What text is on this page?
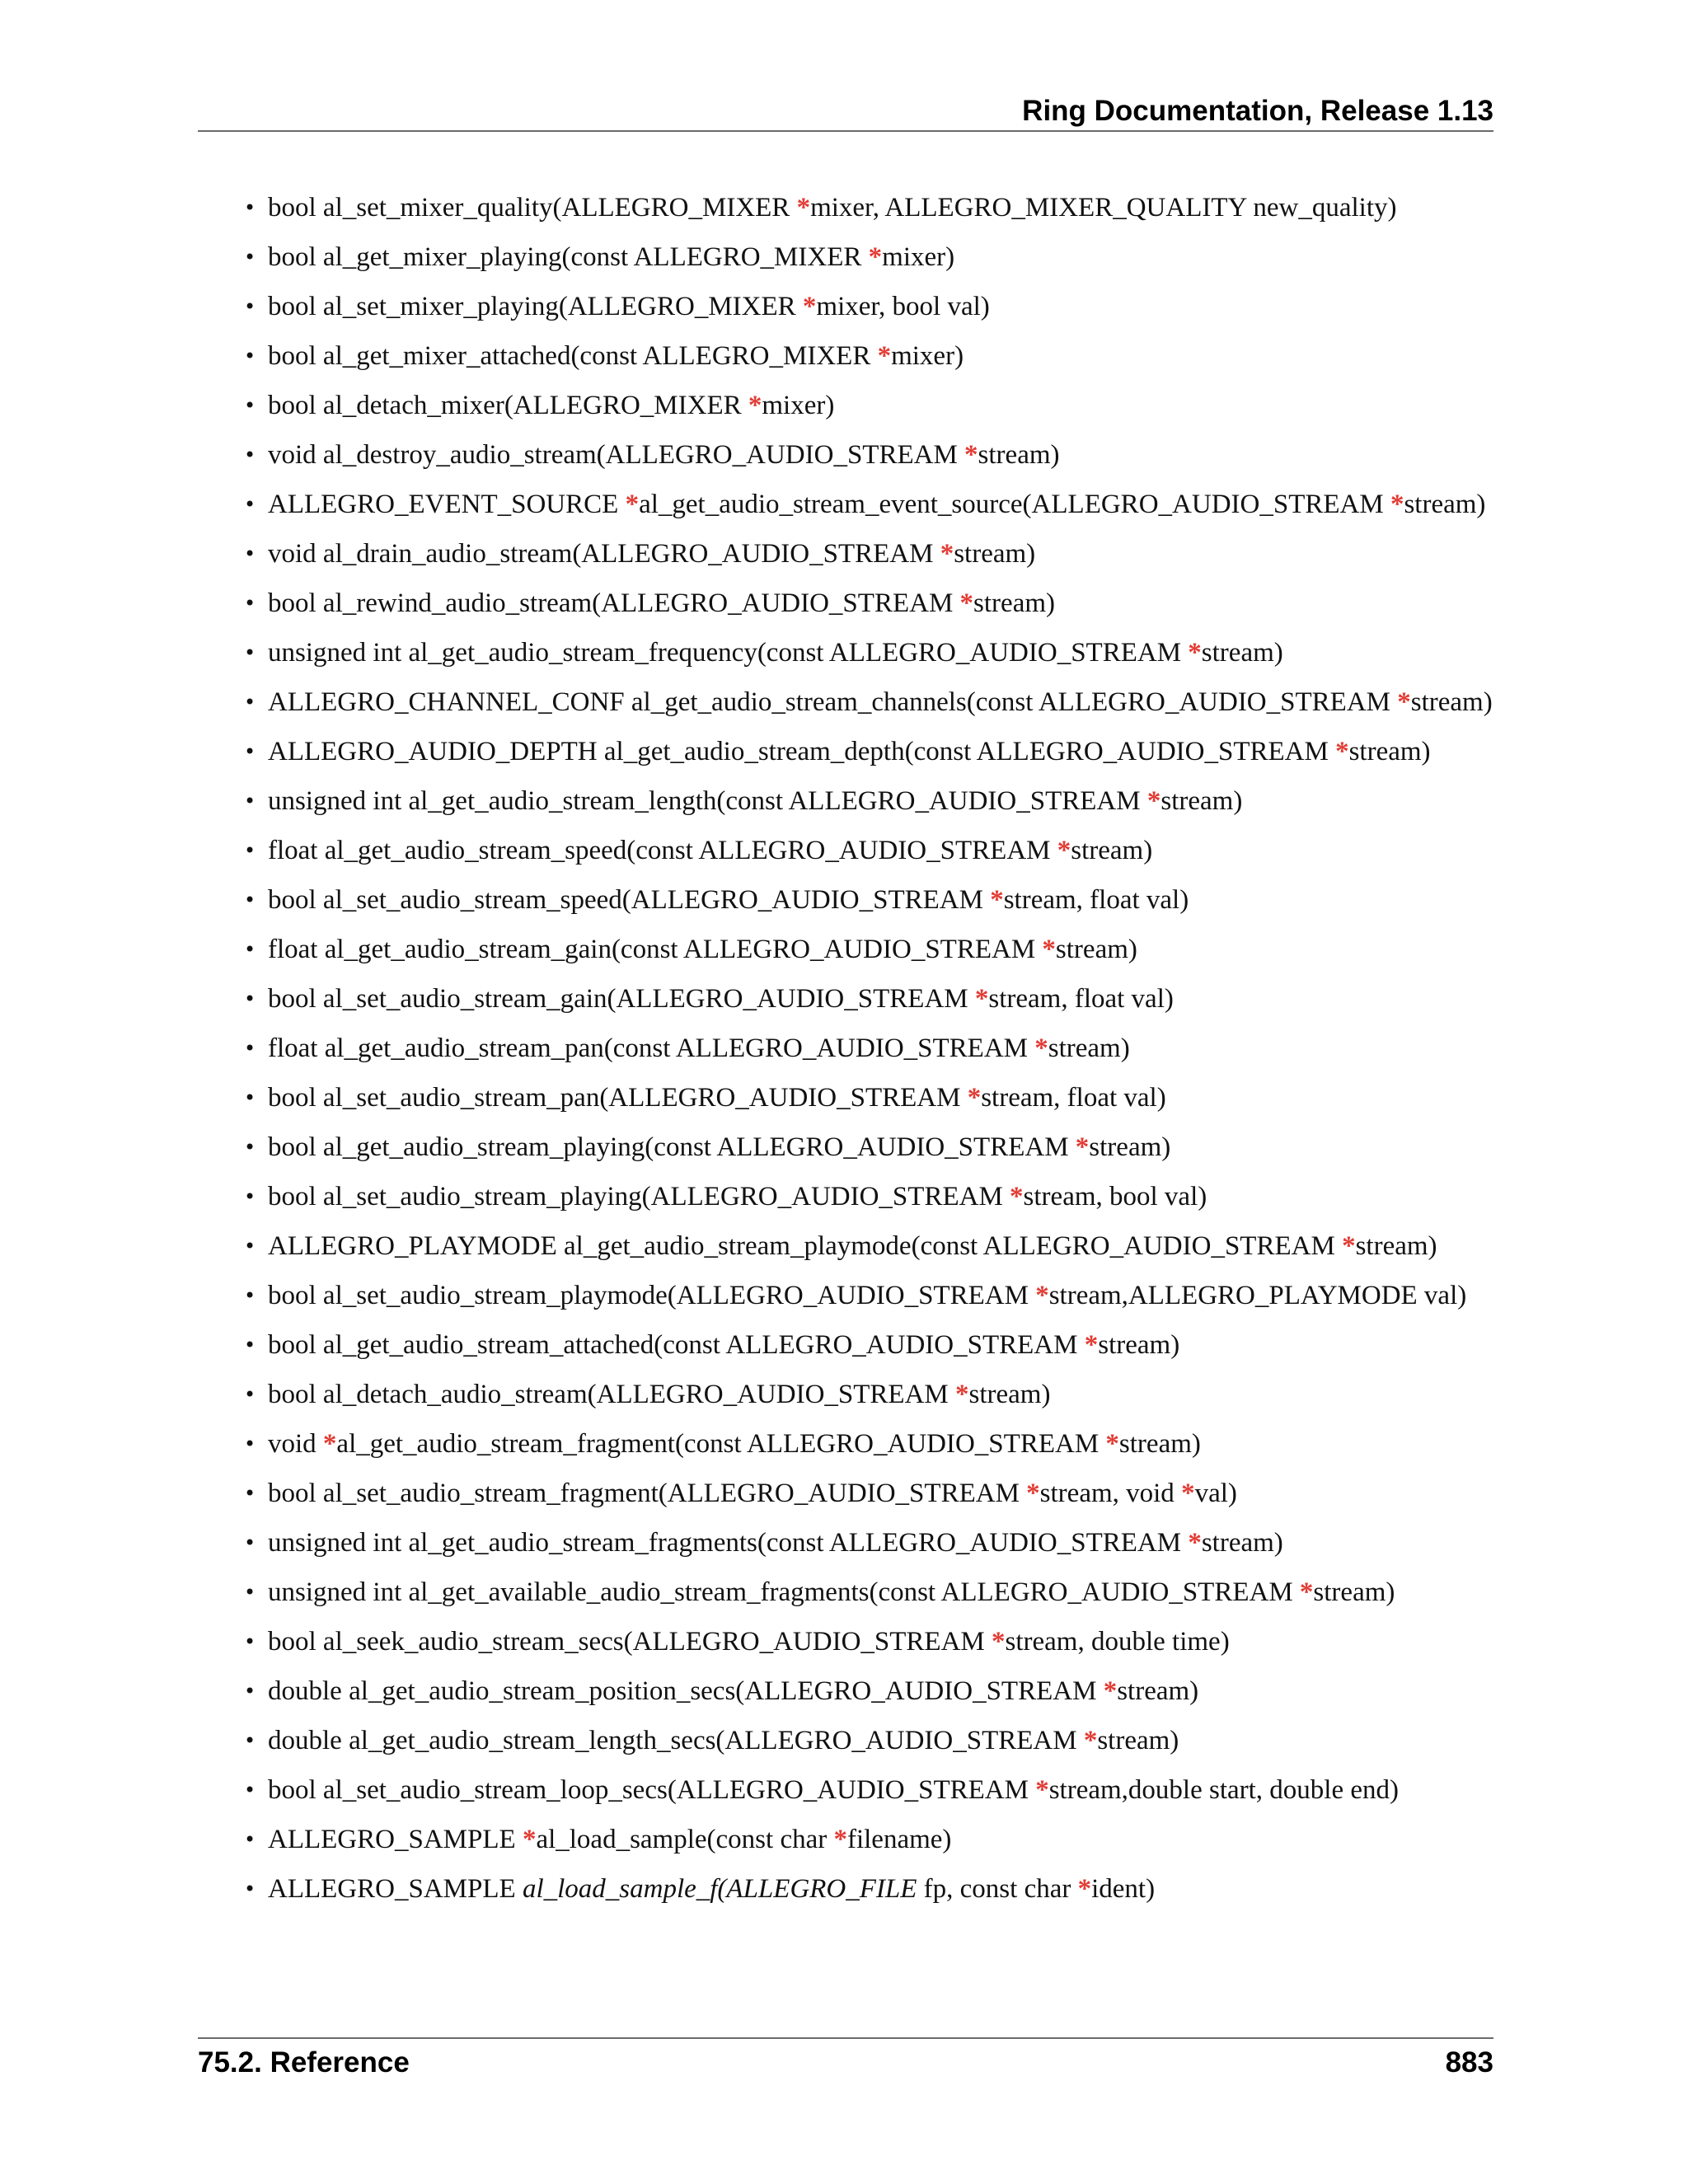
Ring Documentation, Release 1.13
• bool al_set_mixer_quality(ALLEGRO_MIXER *mixer, ALLEGRO_MIXER_QUALITY new_quality)
• bool al_get_mixer_playing(const ALLEGRO_MIXER *mixer)
• bool al_set_mixer_playing(ALLEGRO_MIXER *mixer, bool val)
• bool al_get_mixer_attached(const ALLEGRO_MIXER *mixer)
• bool al_detach_mixer(ALLEGRO_MIXER *mixer)
• void al_destroy_audio_stream(ALLEGRO_AUDIO_STREAM *stream)
• ALLEGRO_EVENT_SOURCE *al_get_audio_stream_event_source(ALLEGRO_AUDIO_STREAM *stream)
• void al_drain_audio_stream(ALLEGRO_AUDIO_STREAM *stream)
• bool al_rewind_audio_stream(ALLEGRO_AUDIO_STREAM *stream)
• unsigned int al_get_audio_stream_frequency(const ALLEGRO_AUDIO_STREAM *stream)
• ALLEGRO_CHANNEL_CONF al_get_audio_stream_channels(const ALLEGRO_AUDIO_STREAM *stream)
• ALLEGRO_AUDIO_DEPTH al_get_audio_stream_depth(const ALLEGRO_AUDIO_STREAM *stream)
• unsigned int al_get_audio_stream_length(const ALLEGRO_AUDIO_STREAM *stream)
• float al_get_audio_stream_speed(const ALLEGRO_AUDIO_STREAM *stream)
• bool al_set_audio_stream_speed(ALLEGRO_AUDIO_STREAM *stream, float val)
• float al_get_audio_stream_gain(const ALLEGRO_AUDIO_STREAM *stream)
• bool al_set_audio_stream_gain(ALLEGRO_AUDIO_STREAM *stream, float val)
• float al_get_audio_stream_pan(const ALLEGRO_AUDIO_STREAM *stream)
• bool al_set_audio_stream_pan(ALLEGRO_AUDIO_STREAM *stream, float val)
• bool al_get_audio_stream_playing(const ALLEGRO_AUDIO_STREAM *stream)
• bool al_set_audio_stream_playing(ALLEGRO_AUDIO_STREAM *stream, bool val)
• ALLEGRO_PLAYMODE al_get_audio_stream_playmode(const ALLEGRO_AUDIO_STREAM *stream)
• bool al_set_audio_stream_playmode(ALLEGRO_AUDIO_STREAM *stream,ALLEGRO_PLAYMODE val)
• bool al_get_audio_stream_attached(const ALLEGRO_AUDIO_STREAM *stream)
• bool al_detach_audio_stream(ALLEGRO_AUDIO_STREAM *stream)
• void *al_get_audio_stream_fragment(const ALLEGRO_AUDIO_STREAM *stream)
• bool al_set_audio_stream_fragment(ALLEGRO_AUDIO_STREAM *stream, void *val)
• unsigned int al_get_audio_stream_fragments(const ALLEGRO_AUDIO_STREAM *stream)
• unsigned int al_get_available_audio_stream_fragments(const ALLEGRO_AUDIO_STREAM *stream)
• bool al_seek_audio_stream_secs(ALLEGRO_AUDIO_STREAM *stream, double time)
• double al_get_audio_stream_position_secs(ALLEGRO_AUDIO_STREAM *stream)
• double al_get_audio_stream_length_secs(ALLEGRO_AUDIO_STREAM *stream)
• bool al_set_audio_stream_loop_secs(ALLEGRO_AUDIO_STREAM *stream,double start, double end)
• ALLEGRO_SAMPLE *al_load_sample(const char *filename)
• ALLEGRO_SAMPLE al_load_sample_f(ALLEGRO_FILE fp, const char *ident)
75.2. Reference	883
